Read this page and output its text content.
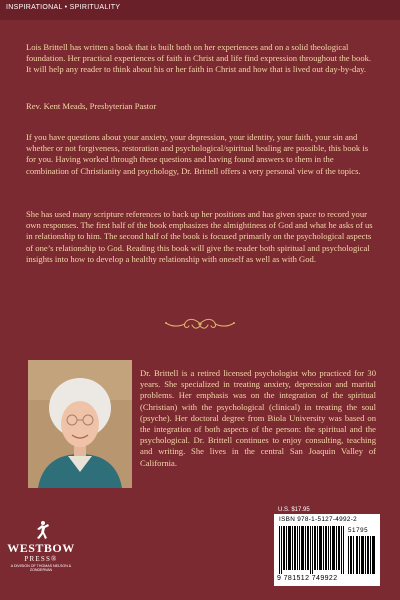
INSPIRATIONAL • SPIRITUALITY

Lois Brittell has written a book that is built both on her experiences and on a solid theological foundation. Her practical experiences of faith in Christ and life find expression throughout the book. It will help any reader to think about his or her faith in Christ and how that is lived out day-by-day.

Rev. Kent Meads, Presbyterian Pastor

If you have questions about your anxiety, your depression, your identity, your faith, your sin and whether or not forgiveness, restoration and psychological/spiritual healing are possible, this book is for you. Having worked through these questions and having found answers to them in the combination of Christianity and psychology, Dr. Brittell offers a very personal view of the topics.

She has used many scripture references to back up her positions and has given space to record your own responses. The first half of the book emphasizes the almightiness of God and what he asks of us in relationship to him. The second half of the book is focused primarily on the psychological aspects of one’s relationship to God. Reading this book will give the reader both spiritual and psychological insights into how to develop a healthy relationship with oneself as well as with God.

Dr. Brittell is a retired licensed psychologist who practiced for 30 years. She specialized in treating anxiety, depression and marital problems. Her emphasis was on the integration of the spiritual (Christian) with the psychological (clinical) in treating the soul (psyche). Her doctoral degree from Biola University was based on the integration of both aspects of the person: the spiritual and the psychological. Dr. Brittell continues to enjoy consulting, teaching and writing. She lives in the central San Joaquin Valley of California.

U.S. $17.95
ISBN 978-1-5127-4992-2
51795
9 781512 749922
WESTBOW
PRESS®
A DIVISION OF THOMAS NELSON & ZONDERVAN
